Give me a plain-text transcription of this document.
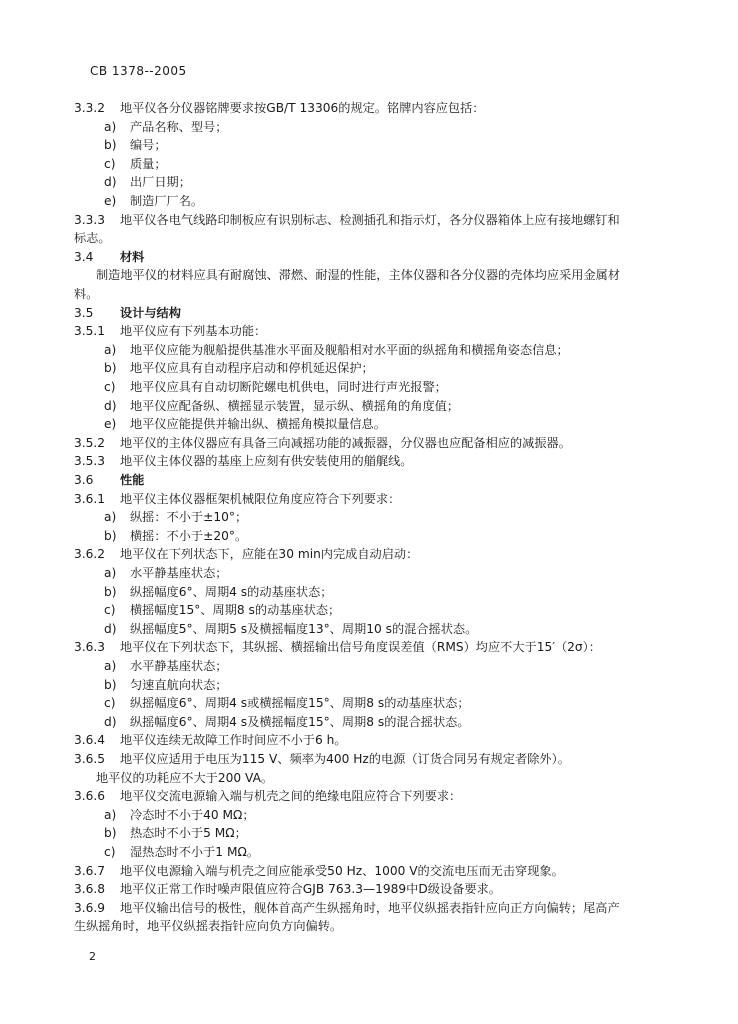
CB 1378--2005
3.3.2 地平仪各分仪器铭牌要求按GB/T 13306的规定。铭牌内容应包括：
a) 产品名称、型号；
b) 编号；
c) 质量；
d) 出厂日期；
e) 制造厂厂名。
3.3.3 地平仪各电气线路印制板应有识别标志、检测插孔和指示灯，各分仪器箱体上应有接地螺钉和
标志。
3.4 材料
制造地平仪的材料应具有耐腐蚀、滞燃、耐湿的性能，主体仪器和各分仪器的壳体均应采用金属材
料。
3.5 设计与结构
3.5.1 地平仪应有下列基本功能：
a) 地平仪应能为舰船提供基准水平面及舰船相对水平面的纵摇角和横摇角姿态信息；
b) 地平仪应具有自动程序启动和停机延迟保护；
c) 地平仪应具有自动切断陀螺电机供电，同时进行声光报警；
d) 地平仪应配备纵、横摇显示装置，显示纵、横摇角的角度值；
e) 地平仪应能提供并输出纵、横摇角模拟量信息。
3.5.2 地平仪的主体仪器应有具备三向减摇功能的减振器，分仪器也应配备相应的减振器。
3.5.3 地平仪主体仪器的基座上应刻有供安装使用的艏艉线。
3.6 性能
3.6.1 地平仪主体仪器框架机械限位角度应符合下列要求：
a) 纵摇：不小于±10°；
b) 横摇：不小于±20°。
3.6.2 地平仪在下列状态下，应能在30 min内完成自动启动：
a) 水平静基座状态；
b) 纵摇幅度6°、周期4 s的动基座状态；
c) 横摇幅度15°、周期8 s的动基座状态；
d) 纵摇幅度5°、周期5 s及横摇幅度13°、周期10 s的混合摇状态。
3.6.3 地平仪在下列状态下，其纵摇、横摇输出信号角度误差值（RMS）均应不大于15′（2σ）：
a) 水平静基座状态；
b) 匀速直航向状态；
c) 纵摇幅度6°、周期4 s或横摇幅度15°、周期8 s的动基座状态；
d) 纵摇幅度6°、周期4 s及横摇幅度15°、周期8 s的混合摇状态。
3.6.4 地平仪连续无故障工作时间应不小于6 h。
3.6.5 地平仪应适用于电压为115 V、频率为400 Hz的电源（订货合同另有规定者除外）。
地平仪的功耗应不大于200 VA。
3.6.6 地平仪交流电源输入端与机壳之间的绝缘电阻应符合下列要求：
a) 冷态时不小于40 MΩ；
b) 热态时不小于5 MΩ；
c) 湿热态时不小于1 MΩ。
3.6.7 地平仪电源输入端与机壳之间应能承受50 Hz、1000 V的交流电压而无击穿现象。
3.6.8 地平仪正常工作时噪声限值应符合GJB 763.3—1989中D级设备要求。
3.6.9 地平仪输出信号的极性，舰体首高产生纵摇角时，地平仪纵摇表指针应向正方向偏转；尾高产
生纵摇角时，地平仪纵摇表指针应向负方向偏转。
2
